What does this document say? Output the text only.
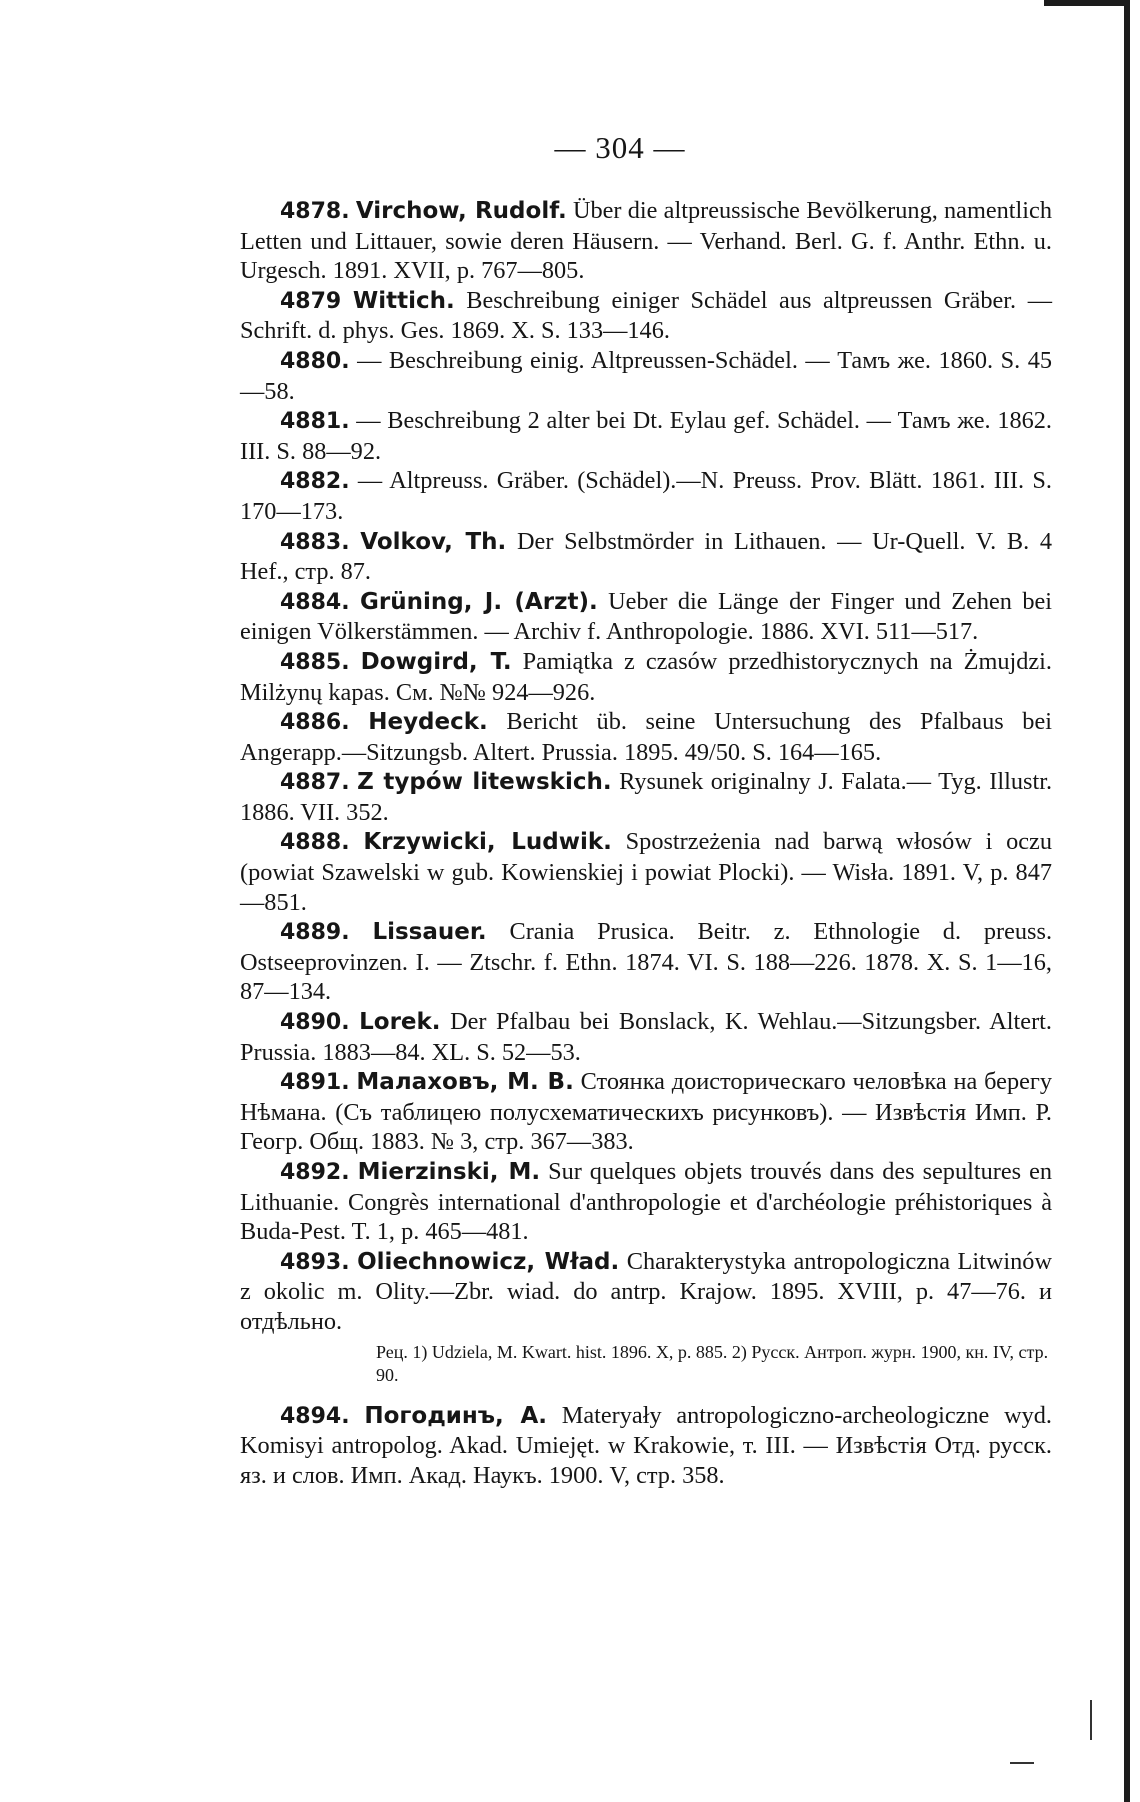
— 304 —

4878. Virchow, Rudolf. Über die altpreussische Bevölkerung, namentlich Letten und Littauer, sowie deren Häusern. — Verhand. Berl. G. f. Anthr. Ethn. u. Urgesch. 1891. XVII, p. 767—805.

4879 Wittich. Beschreibung einiger Schädel aus altpreussen Gräber. — Schrift. d. phys. Ges. 1869. X. S. 133—146.

4880. — Beschreibung einig. Altpreussen-Schädel. — Тамъ же. 1860. S. 45—58.

4881. — Beschreibung 2 alter bei Dt. Eylau gef. Schädel. — Тамъ же. 1862. III. S. 88—92.

4882. — Altpreuss. Gräber. (Schädel).—N. Preuss. Prov. Blätt. 1861. III. S. 170—173.

4883. Volkov, Th. Der Selbstmörder in Lithauen. — Ur-Quell. V. B. 4 Hef., стр. 87.

4884. Grüning, J. (Arzt). Ueber die Länge der Finger und Zehen bei einigen Völkerstämmen. — Archiv f. Anthropologie. 1886. XVI. 511—517.

4885. Dowgird, T. Pamiątka z czasów przedhistorycznych na Żmujdzi. Milżynų kapas. См. №№ 924—926.

4886. Heydeck. Bericht üb. seine Untersuchung des Pfalbaus bei Angerapp.—Sitzungsb. Altert. Prussia. 1895. 49/50. S. 164—165.

4887. Z typów litewskich. Rysunek originalny J. Falata.— Tyg. Illustr. 1886. VII. 352.

4888. Krzywicki, Ludwik. Spostrzeżenia nad barwą włosów i oczu (powiat Szawelski w gub. Kowienskiej i powiat Plocki). — Wisła. 1891. V, p. 847—851.

4889. Lissauer. Crania Prusica. Beitr. z. Ethnologie d. preuss. Ostseeprovinzen. I. — Ztschr. f. Ethn. 1874. VI. S. 188—226. 1878. X. S. 1—16, 87—134.

4890. Lorek. Der Pfalbau bei Bonslack, K. Wehlau.—Sitzungsber. Altert. Prussia. 1883—84. XL. S. 52—53.

4891. Малаховъ, М. В. Стоянка доисторическаго человѣка на берегу Нѣмана. (Съ таблицею полусхематическихъ рисунковъ). — Извѣстія Имп. Р. Геогр. Общ. 1883. № 3, стр. 367—383.

4892. Mierzinski, M. Sur quelques objets trouvés dans des sepultures en Lithuanie. Congrès international d'anthropologie et d'archéologie préhistoriques à Buda-Pest. T. 1, p. 465—481.

4893. Oliechnowicz, Wład. Charakterystyka antropologiczna Litwinów z okolic m. Olity.—Zbr. wiad. do antrp. Krajow. 1895. XVIII, p. 47—76. и отдѣльно.

Рец. 1) Udziela, M. Kwart. hist. 1896. X, p. 885. 2) Русск. Антроп. журн. 1900, кн. IV, стр. 90.

4894. Погодинъ, А. Materyały antropologiczno-archeologiczne wyd. Komisyi antropolog. Akad. Umiejęt. w Krakowie, т. III. — Извѣстія Отд. русск. яз. и слов. Имп. Акад. Наукъ. 1900. V, стр. 358.
